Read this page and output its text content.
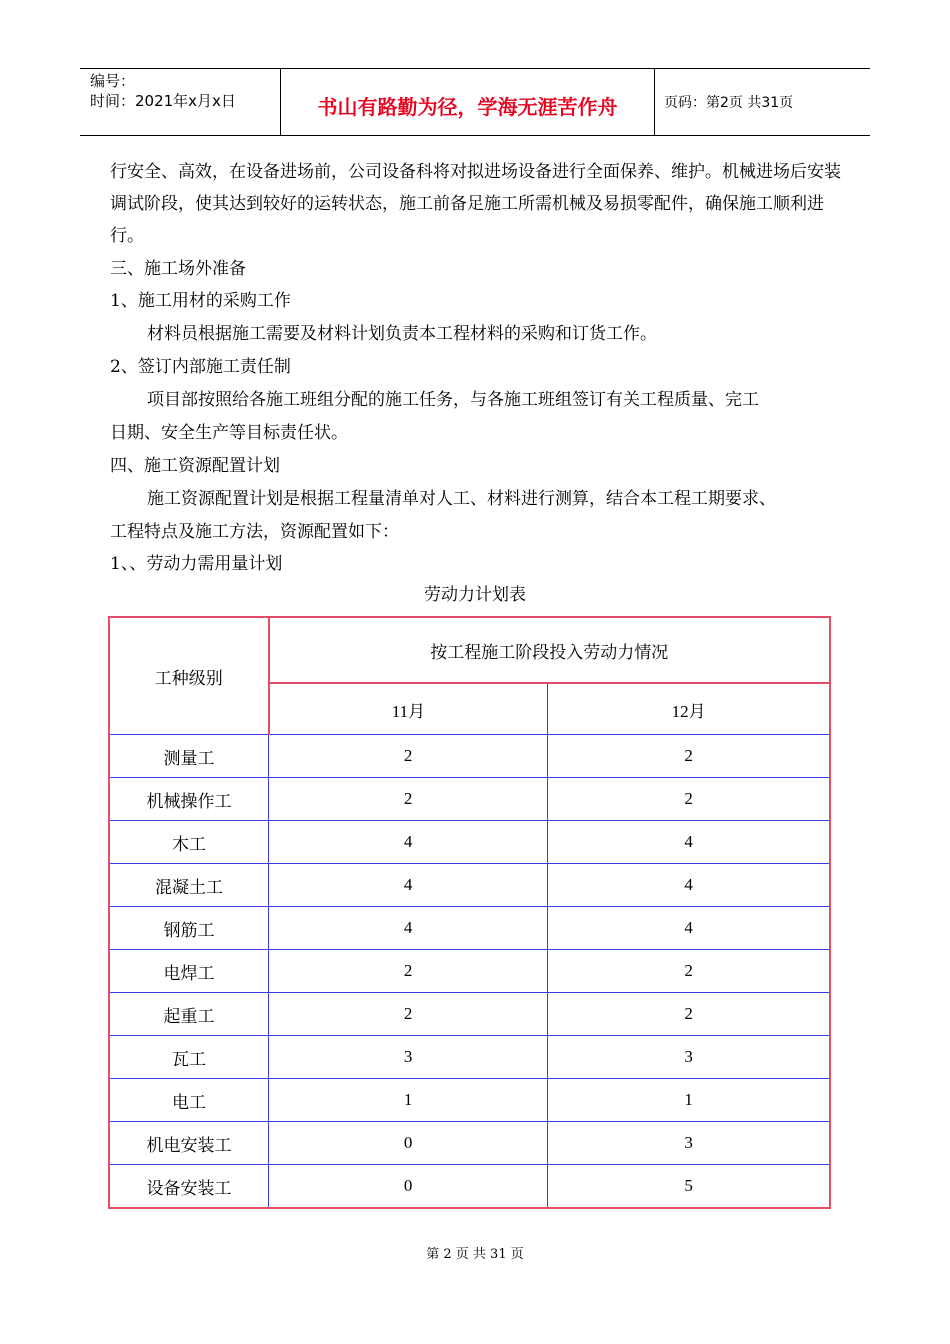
编号：
时间：2021年x月x日	书山有路勤为径，学海无涯苦作舟	页码：第2页 共31页

行安全、高效，在设备进场前，公司设备科将对拟进场设备进行全面保养、维护。机械进场后安装调试阶段，使其达到较好的运转状态，施工前备足施工所需机械及易损零配件，确保施工顺利进行。

三、施工场外准备
1、施工用材的采购工作
材料员根据施工需要及材料计划负责本工程材料的采购和订货工作。
2、签订内部施工责任制
项目部按照给各施工班组分配的施工任务，与各施工班组签订有关工程质量、完工
日期、安全生产等目标责任状。
四、施工资源配置计划
施工资源配置计划是根据工程量清单对人工、材料进行测算，结合本工程工期要求、
工程特点及施工方法，资源配置如下：
1、、劳动力需用量计划
劳动力计划表
工种级别	按工程施工阶段投入劳动力情况	
	11月	12月
测量工	2	2
机械操作工	2	2
木工	4	4
混凝土工	4	4
钢筋工	4	4
电焊工	2	2
起重工	2	2
瓦工	3	3
电工	1	1
机电安装工	0	3
设备安装工	0	5
第 2 页 共 31 页
